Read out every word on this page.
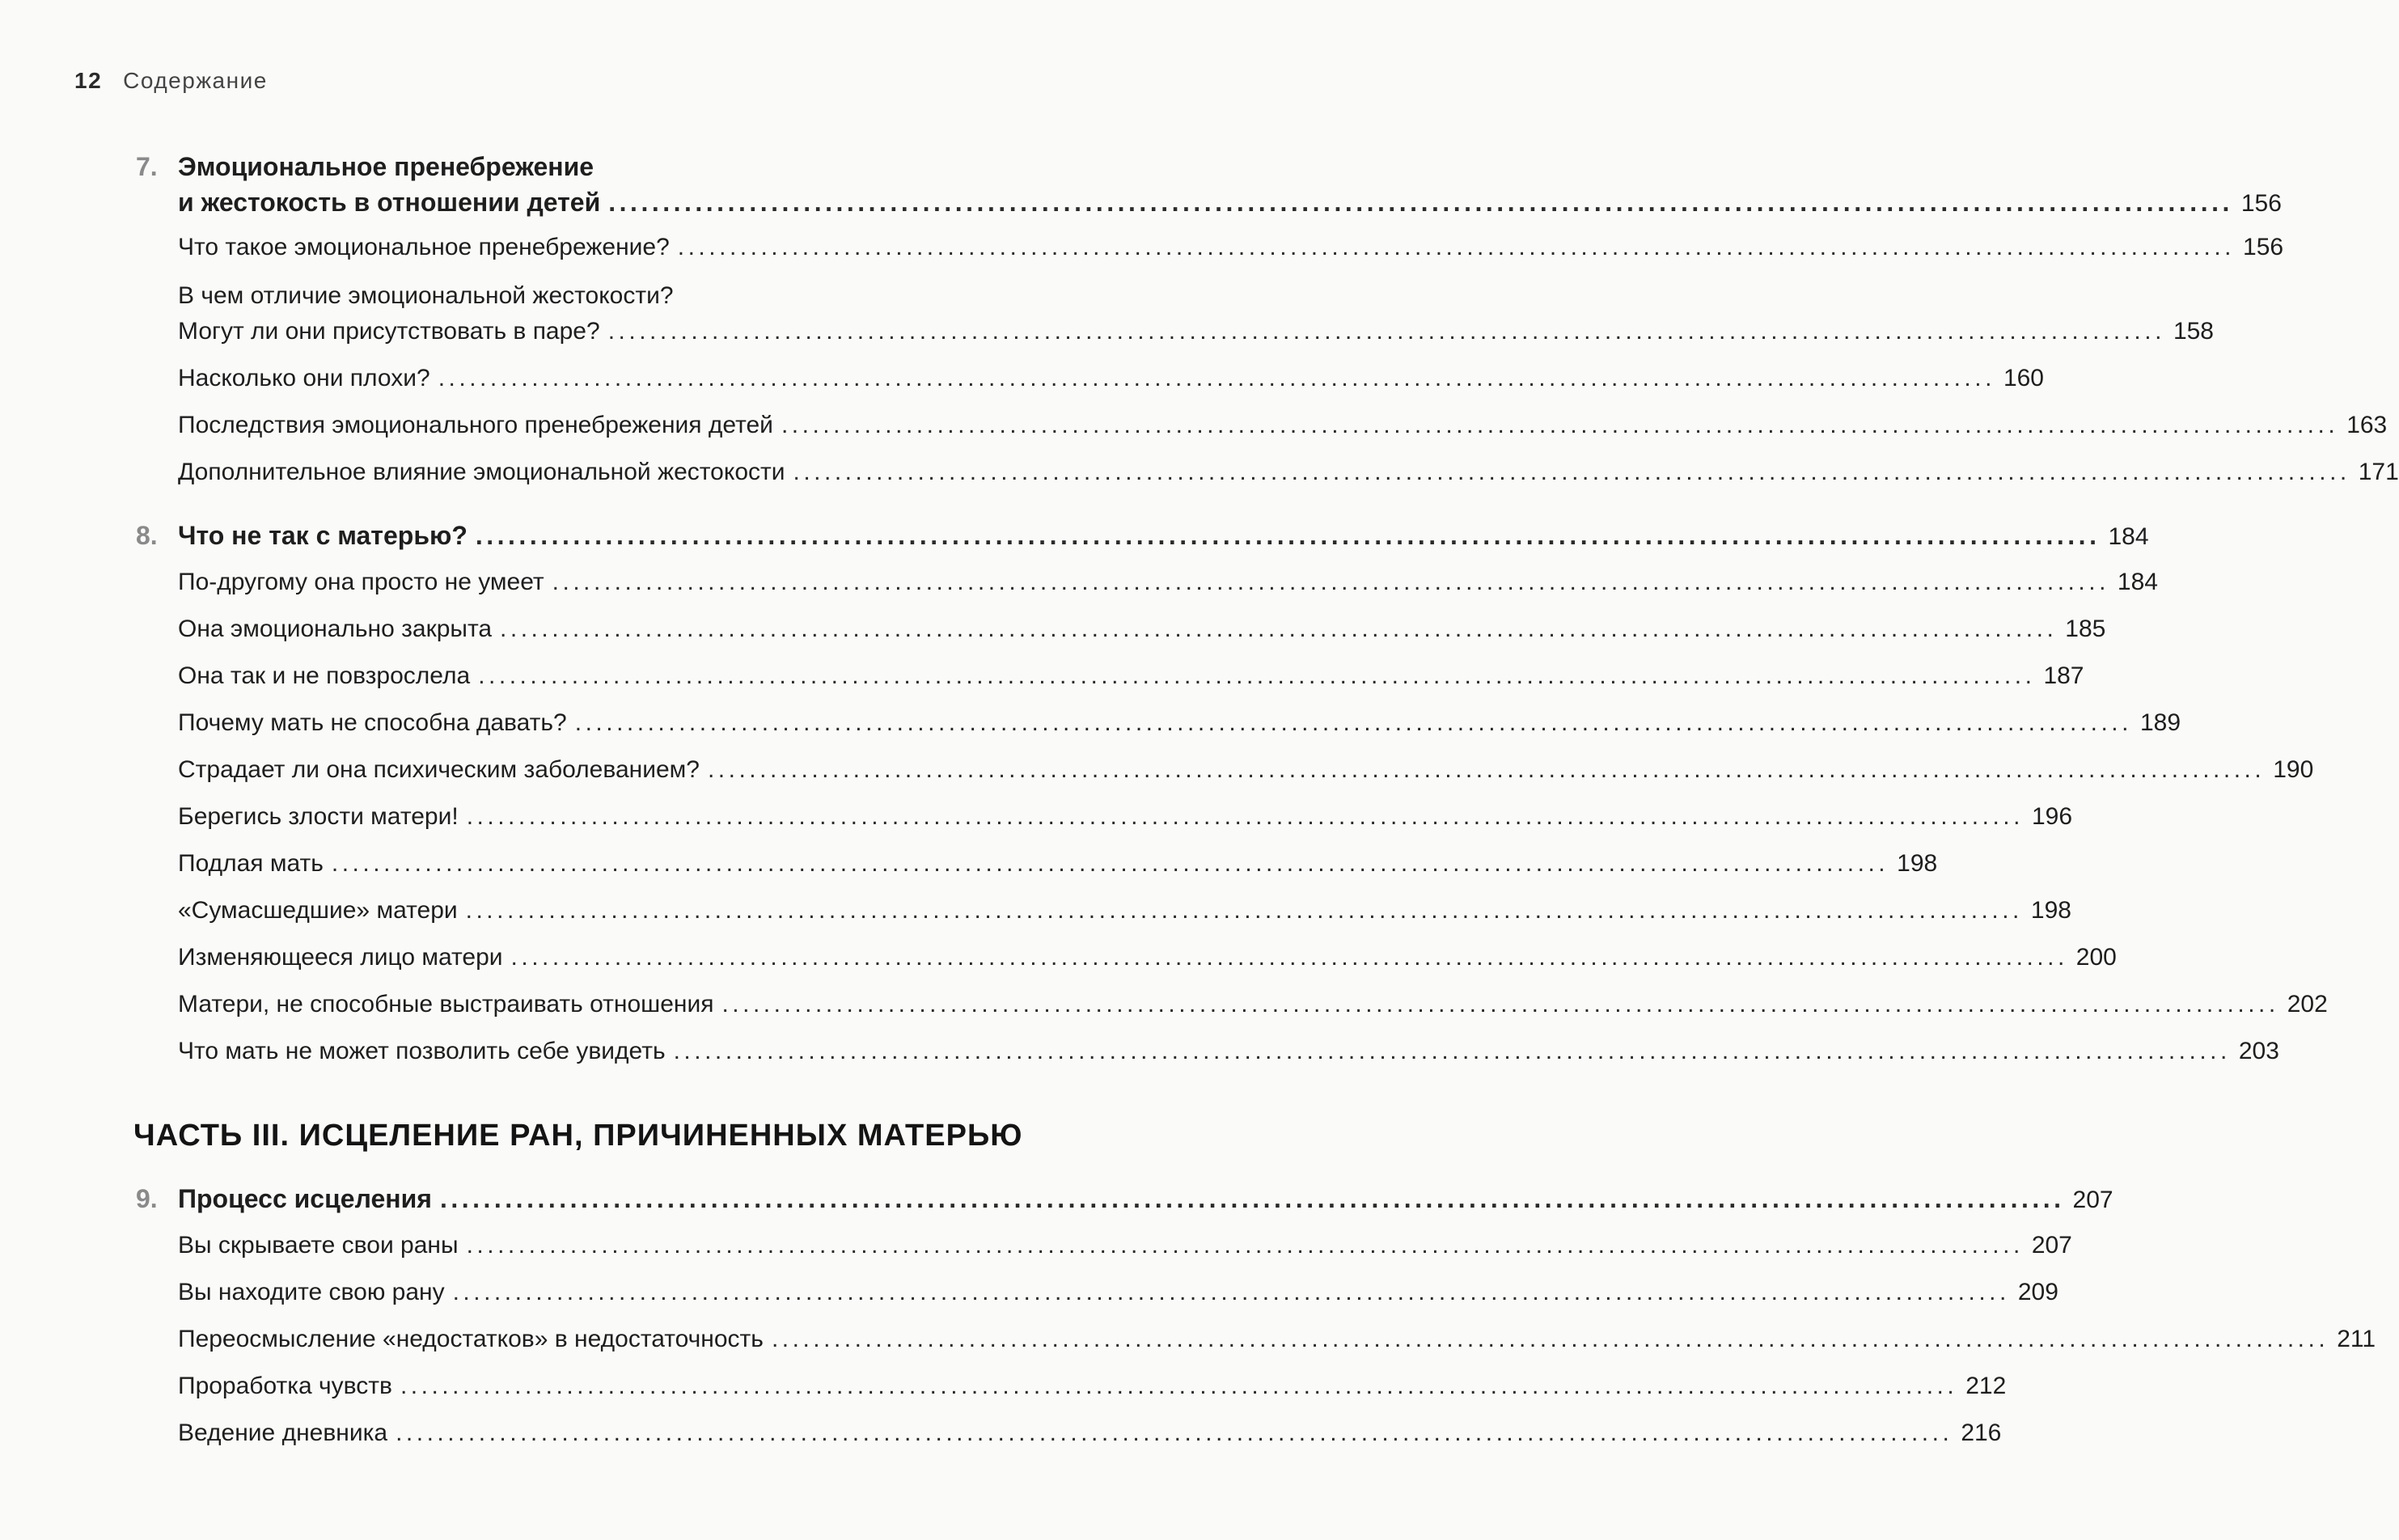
12 Содержание
7. Эмоциональное пренебрежение
и жестокость в отношении детей ...................................................................................................................................................... 156
Что такое эмоциональное пренебрежение? ...................................................................................................................................................... 156
В чем отличие эмоциональной жестокости?
Могут ли они присутствовать в паре? ...................................................................................................................................................... 158
Насколько они плохи? ...................................................................................................................................................... 160
Последствия эмоционального пренебрежения детей ...................................................................................................................................................... 163
Дополнительное влияние эмоциональной жестокости ...................................................................................................................................................... 171
8. Что не так с матерью? ...................................................................................................................................................... 184
По-другому она просто не умеет ...................................................................................................................................................... 184
Она эмоционально закрыта ...................................................................................................................................................... 185
Она так и не повзрослела ...................................................................................................................................................... 187
Почему мать не способна давать? ...................................................................................................................................................... 189
Страдает ли она психическим заболеванием? ...................................................................................................................................................... 190
Берегись злости матери! ...................................................................................................................................................... 196
Подлая мать ...................................................................................................................................................... 198
«Сумасшедшие» матери ...................................................................................................................................................... 198
Изменяющееся лицо матери ...................................................................................................................................................... 200
Матери, не способные выстраивать отношения ...................................................................................................................................................... 202
Что мать не может позволить себе увидеть ...................................................................................................................................................... 203
ЧАСТЬ III. ИСЦЕЛЕНИЕ РАН, ПРИЧИНЕННЫХ МАТЕРЬЮ
9. Процесс исцеления ...................................................................................................................................................... 207
Вы скрываете свои раны ...................................................................................................................................................... 207
Вы находите свою рану ...................................................................................................................................................... 209
Переосмысление «недостатков» в недостаточность ...................................................................................................................................................... 211
Проработка чувств ...................................................................................................................................................... 212
Ведение дневника ...................................................................................................................................................... 216
